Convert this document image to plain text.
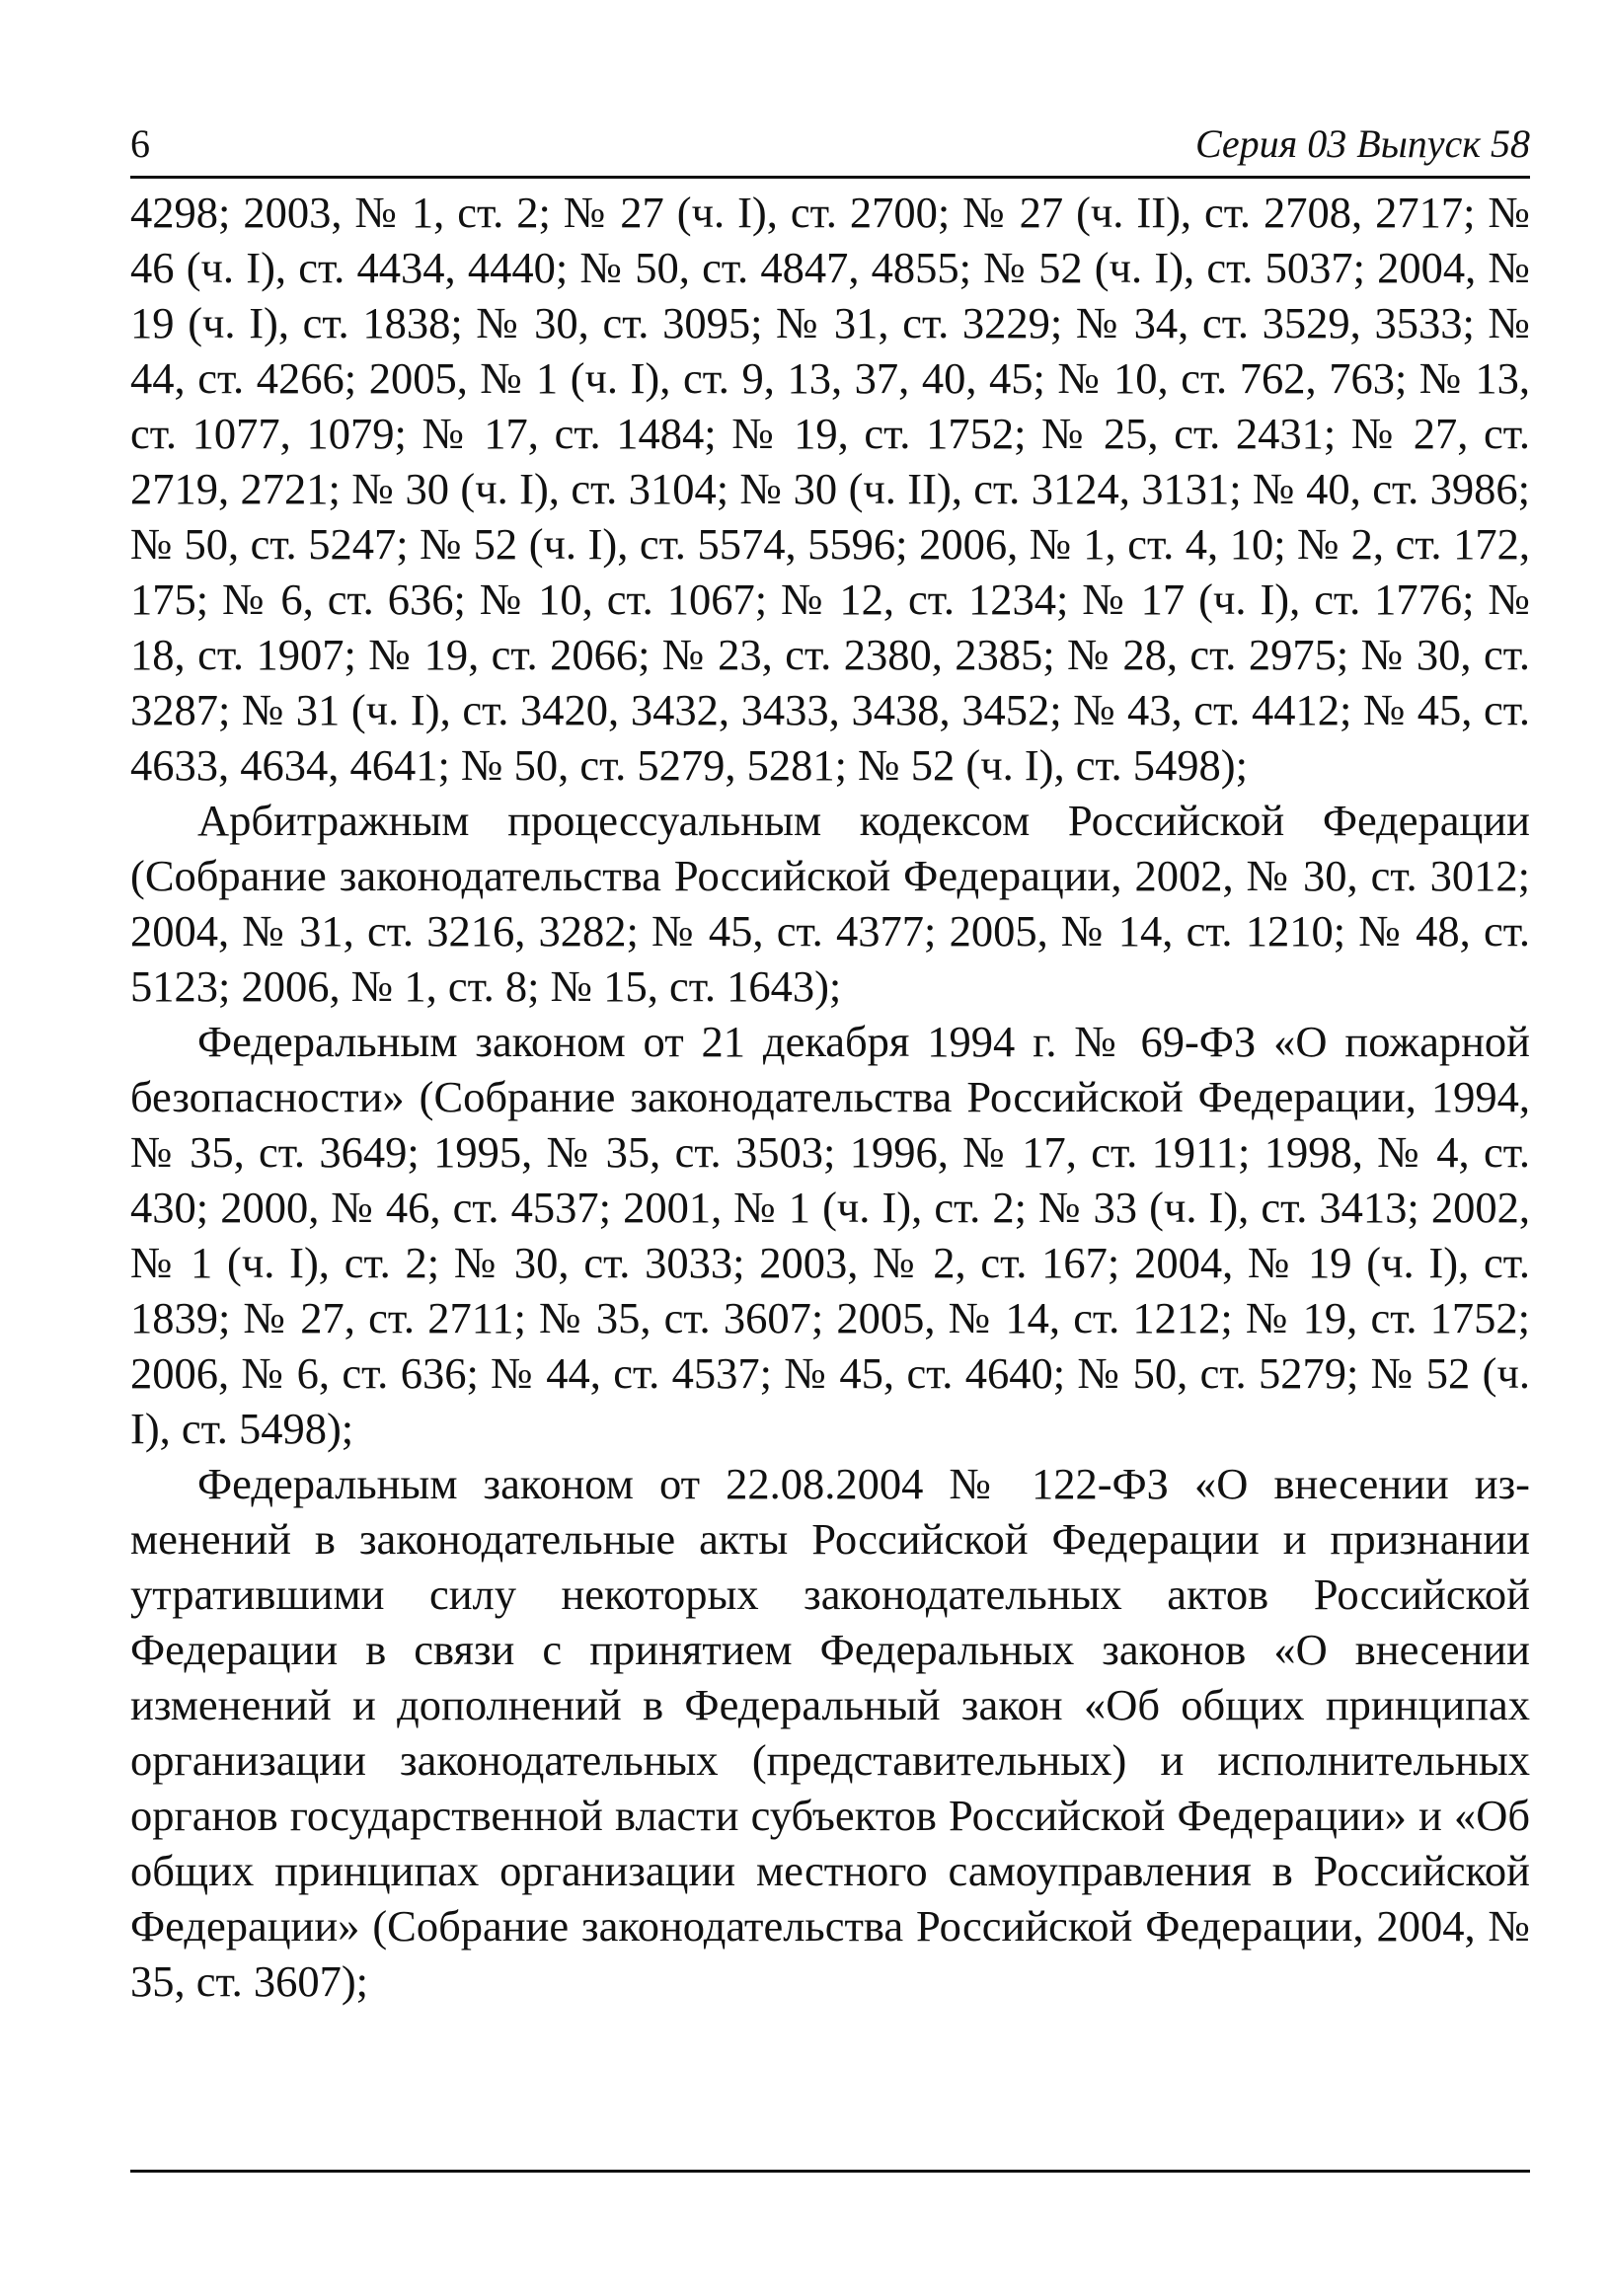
6	Серия 03 Выпуск 58

4298; 2003, № 1, ст. 2; № 27 (ч. I), ст. 2700; № 27 (ч. II), ст. 2708, 2717; № 46 (ч. I), ст. 4434, 4440; № 50, ст. 4847, 4855; № 52 (ч. I), ст. 5037; 2004, № 19 (ч. I), ст. 1838; № 30, ст. 3095; № 31, ст. 3229; № 34, ст. 3529, 3533; № 44, ст. 4266; 2005, № 1 (ч. I), ст. 9, 13, 37, 40, 45; № 10, ст. 762, 763; № 13, ст. 1077, 1079; № 17, ст. 1484; № 19, ст. 1752; № 25, ст. 2431; № 27, ст. 2719, 2721; № 30 (ч. I), ст. 3104; № 30 (ч. II), ст. 3124, 3131; № 40, ст. 3986; № 50, ст. 5247; № 52 (ч. I), ст. 5574, 5596; 2006, № 1, ст. 4, 10; № 2, ст. 172, 175; № 6, ст. 636; № 10, ст. 1067; № 12, ст. 1234; № 17 (ч. I), ст. 1776; № 18, ст. 1907; № 19, ст. 2066; № 23, ст. 2380, 2385; № 28, ст. 2975; № 30, ст. 3287; № 31 (ч. I), ст. 3420, 3432, 3433, 3438, 3452; № 43, ст. 4412; № 45, ст. 4633, 4634, 4641; № 50, ст. 5279, 5281; № 52 (ч. I), ст. 5498);

Арбитражным процессуальным кодексом Российской Федерации (Собрание законодательства Российской Федерации, 2002, № 30, ст. 3012; 2004, № 31, ст. 3216, 3282; № 45, ст. 4377; 2005, № 14, ст. 1210; № 48, ст. 5123; 2006, № 1, ст. 8; № 15, ст. 1643);

Федеральным законом от 21 декабря 1994 г. № 69-ФЗ «О пожарной безопасности» (Собрание законодательства Российской Федерации, 1994, № 35, ст. 3649; 1995, № 35, ст. 3503; 1996, № 17, ст. 1911; 1998, № 4, ст. 430; 2000, № 46, ст. 4537; 2001, № 1 (ч. I), ст. 2; № 33 (ч. I), ст. 3413; 2002, № 1 (ч. I), ст. 2; № 30, ст. 3033; 2003, № 2, ст. 167; 2004, № 19 (ч. I), ст. 1839; № 27, ст. 2711; № 35, ст. 3607; 2005, № 14, ст. 1212; № 19, ст. 1752; 2006, № 6, ст. 636; № 44, ст. 4537; № 45, ст. 4640; № 50, ст. 5279; № 52 (ч. I), ст. 5498);

Федеральным законом от 22.08.2004 № 122-ФЗ «О внесении изменений в законодательные акты Российской Федерации и признании утратившими силу некоторых законодательных актов Российской Федерации в связи с принятием Федеральных законов «О внесении изменений и дополнений в Федеральный закон «Об общих принципах организации законодательных (представительных) и исполнительных органов государственной власти субъектов Российской Федерации» и «Об общих принципах организации местного самоуправления в Российской Федерации» (Собрание законодательства Российской Федерации, 2004, № 35, ст. 3607);
